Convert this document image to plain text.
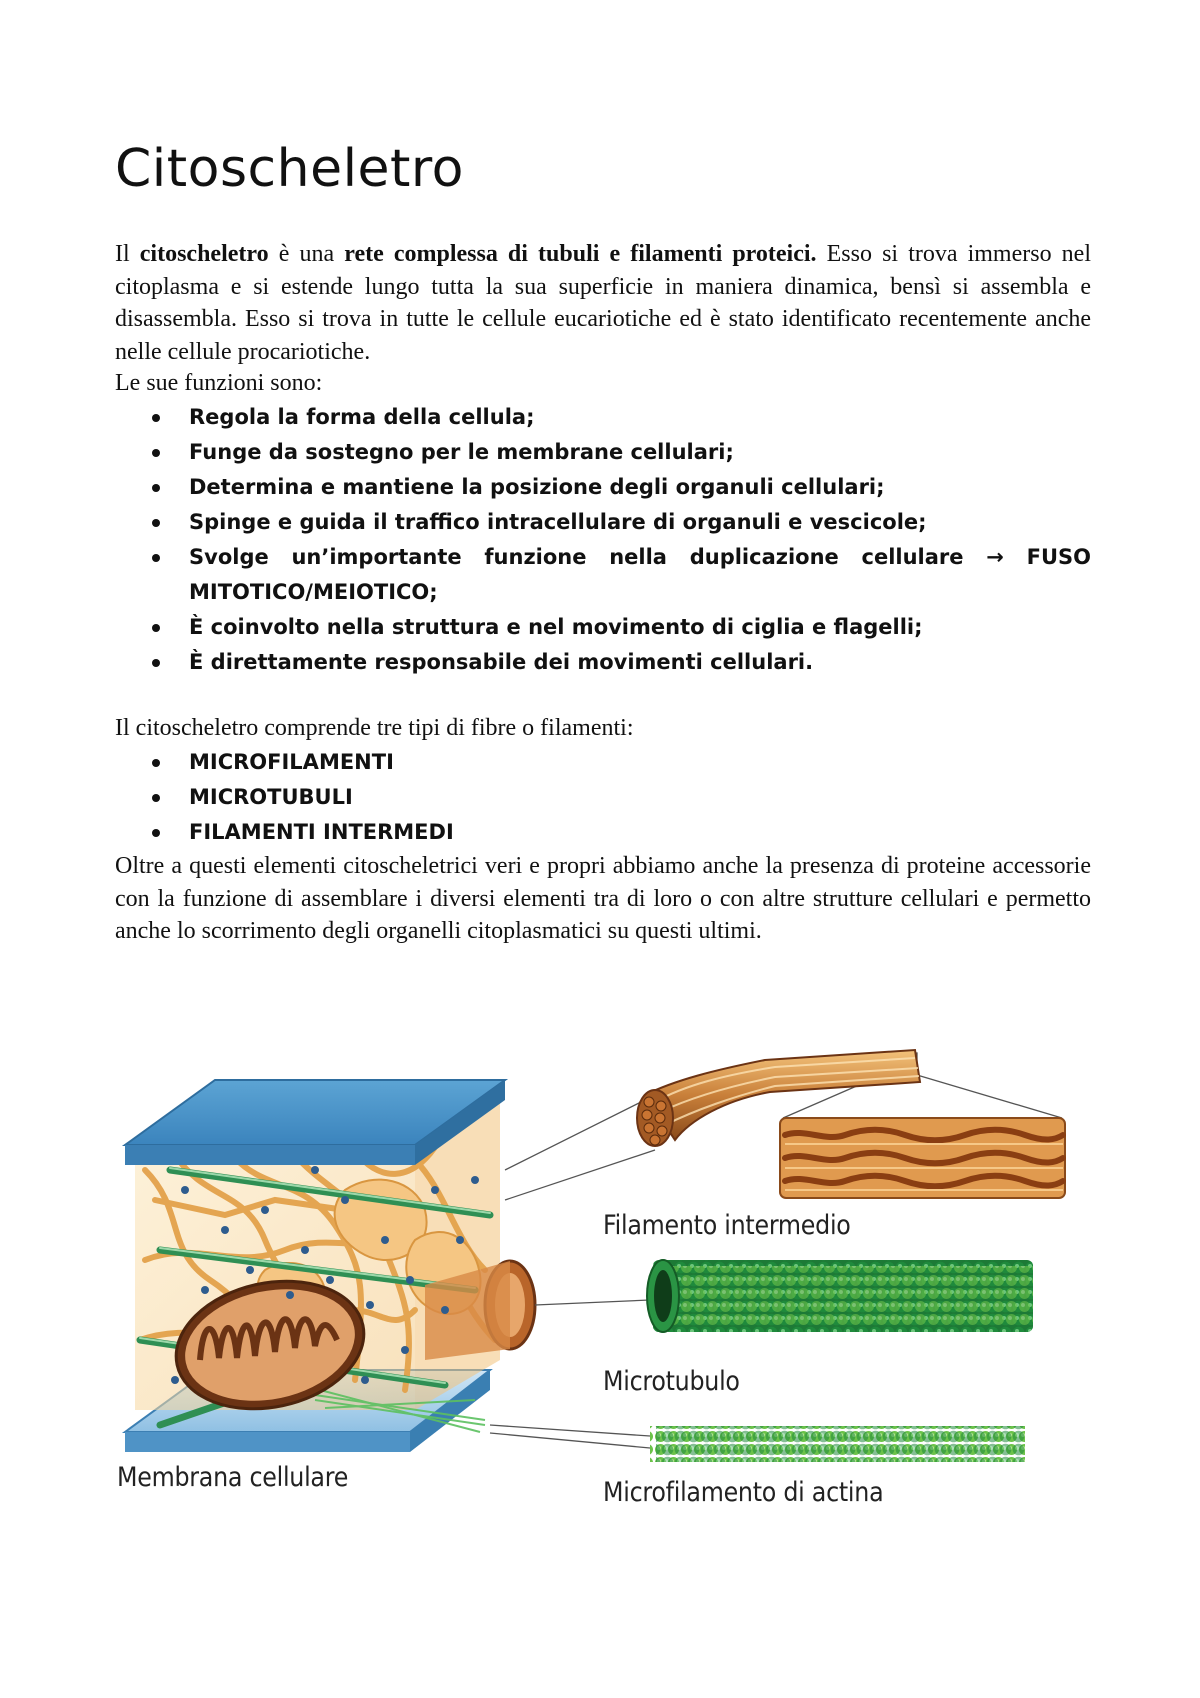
Citoscheletro

Il citoscheletro è una rete complessa di tubuli e filamenti proteici. Esso si trova immerso nel citoplasma e si estende lungo tutta la sua superficie in maniera dinamica, bensì si assembla e disassembla. Esso si trova in tutte le cellule eucariotiche ed è stato identificato recentemente anche nelle cellule procariotiche.

Le sue funzioni sono:

Regola la forma della cellula;
Funge da sostegno per le membrane cellulari;
Determina e mantiene la posizione degli organuli cellulari;
Spinge e guida il traffico intracellulare di organuli e vescicole;
Svolge un’importante funzione nella duplicazione cellulare → FUSO
MITOTICO/MEIOTICO;
È coinvolto nella struttura e nel movimento di ciglia e flagelli;
È direttamente responsabile dei movimenti cellulari.

Il citoscheletro comprende tre tipi di fibre o filamenti:

MICROFILAMENTI
MICROTUBULI
FILAMENTI INTERMEDI

Oltre a questi elementi citoscheletrici veri e propri abbiamo anche la presenza di proteine accessorie con la funzione di assemblare i diversi elementi tra di loro o con altre strutture cellulari e permetto anche lo scorrimento degli organelli citoplasmatici su questi ultimi.

Filamento intermedio
Microtubulo
Microfilamento di actina
Membrana cellulare
